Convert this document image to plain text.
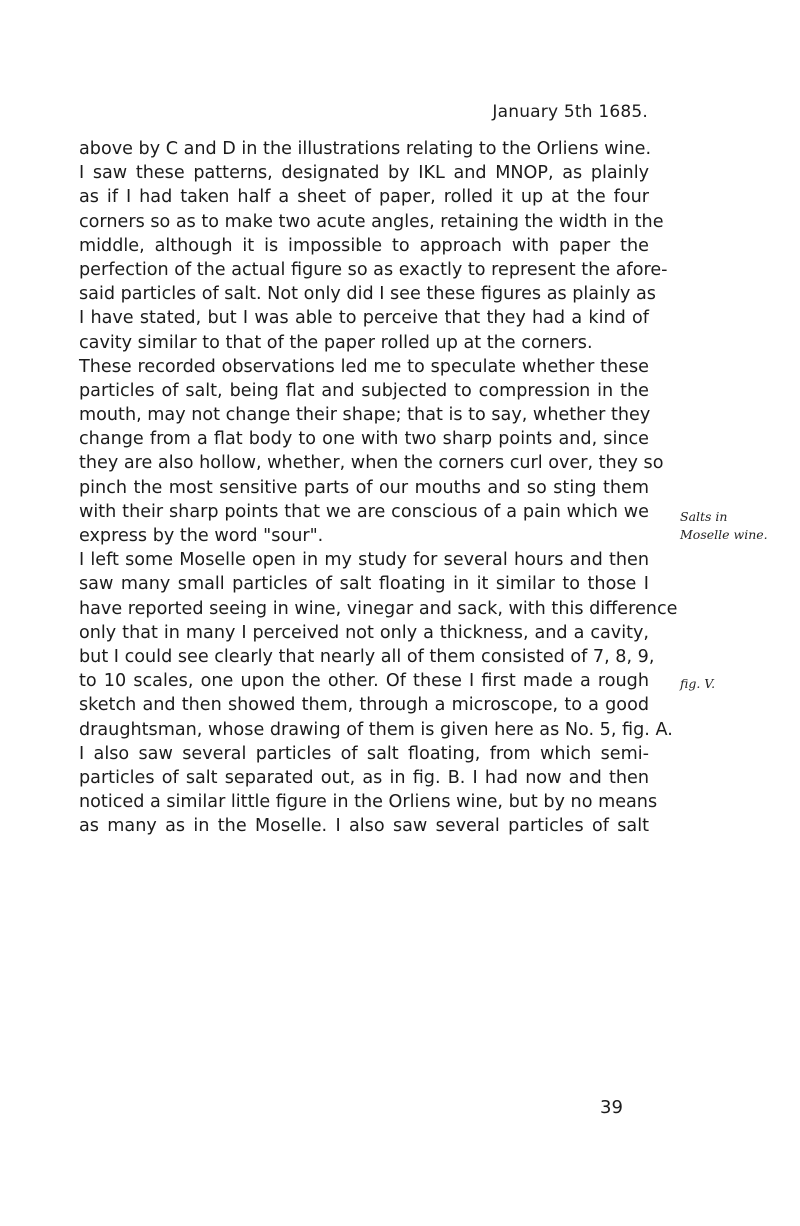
January 5th 1685.
above by C and D in the illustrations relating to the Orliens wine.
I saw these patterns, designated by IKL and MNOP, as plainly
as if I had taken half a sheet of paper, rolled it up at the four
corners so as to make two acute angles, retaining the width in the
middle, although it is impossible to approach with paper the
perfection of the actual figure so as exactly to represent the afore-
said particles of salt. Not only did I see these figures as plainly as
I have stated, but I was able to perceive that they had a kind of
cavity similar to that of the paper rolled up at the corners.
These recorded observations led me to speculate whether these
particles of salt, being flat and subjected to compression in the
mouth, may not change their shape; that is to say, whether they
change from a flat body to one with two sharp points and, since
they are also hollow, whether, when the corners curl over, they so
pinch the most sensitive parts of our mouths and so sting them
with their sharp points that we are conscious of a pain which we
express by the word "sour".
I left some Moselle open in my study for several hours and then
saw many small particles of salt floating in it similar to those I
have reported seeing in wine, vinegar and sack, with this difference
only that in many I perceived not only a thickness, and a cavity,
but I could see clearly that nearly all of them consisted of 7, 8, 9,
to 10 scales, one upon the other. Of these I first made a rough
sketch and then showed them, through a microscope, to a good
draughtsman, whose drawing of them is given here as No. 5, fig. A.
I also saw several particles of salt floating, from which semi-
particles of salt separated out, as in fig. B. I had now and then
noticed a similar little figure in the Orliens wine, but by no means
as many as in the Moselle. I also saw several particles of salt
Salts in
Moselle wine.
fig. V.
39
